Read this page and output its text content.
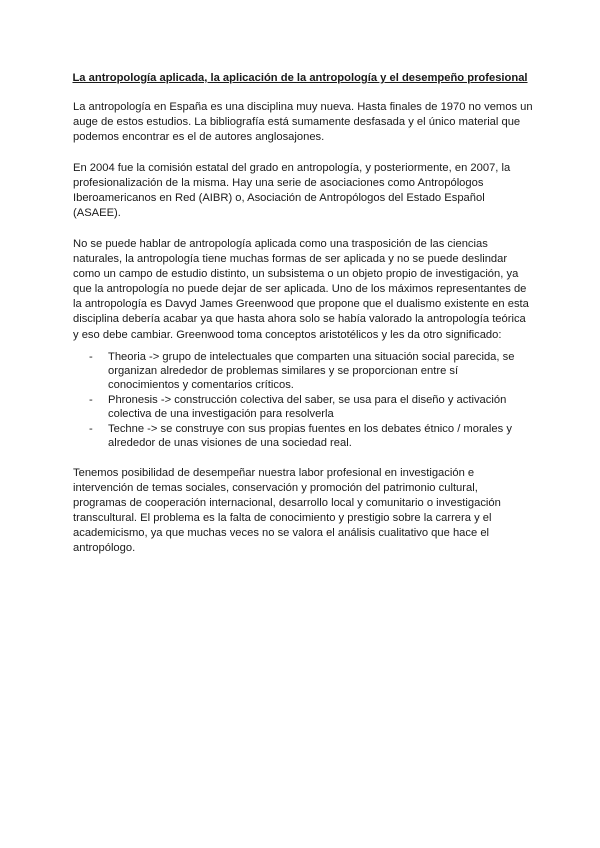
La antropología aplicada, la aplicación de la antropología y el desempeño profesional

La antropología en España es una disciplina muy nueva. Hasta finales de 1970 no vemos un auge de estos estudios. La bibliografía está sumamente desfasada y el único material que podemos encontrar es el de autores anglosajones.

En 2004 fue la comisión estatal del grado en antropología, y posteriormente, en 2007, la profesionalización de la misma. Hay una serie de asociaciones como Antropólogos Iberoamericanos en Red (AIBR) o, Asociación de Antropólogos del Estado Español (ASAEE).

No se puede hablar de antropología aplicada como una trasposición de las ciencias naturales, la antropología tiene muchas formas de ser aplicada y no se puede deslindar como un campo de estudio distinto, un subsistema o un objeto propio de investigación, ya que la antropología no puede dejar de ser aplicada. Uno de los máximos representantes de la antropología es Davyd James Greenwood que propone que el dualismo existente en esta disciplina debería acabar ya que hasta ahora solo se había valorado la antropología teórica y eso debe cambiar. Greenwood toma conceptos aristotélicos y les da otro significado:

- Theoria -> grupo de intelectuales que comparten una situación social parecida, se organizan alrededor de problemas similares y se proporcionan entre sí conocimientos y comentarios críticos.
- Phronesis -> construcción colectiva del saber, se usa para el diseño y activación colectiva de una investigación para resolverla
- Techne -> se construye con sus propias fuentes en los debates étnico / morales y alrededor de unas visiones de una sociedad real.

Tenemos posibilidad de desempeñar nuestra labor profesional en investigación e intervención de temas sociales, conservación y promoción del patrimonio cultural, programas de cooperación internacional, desarrollo local y comunitario o investigación transcultural. El problema es la falta de conocimiento y prestigio sobre la carrera y el academicismo, ya que muchas veces no se valora el análisis cualitativo que hace el antropólogo.
